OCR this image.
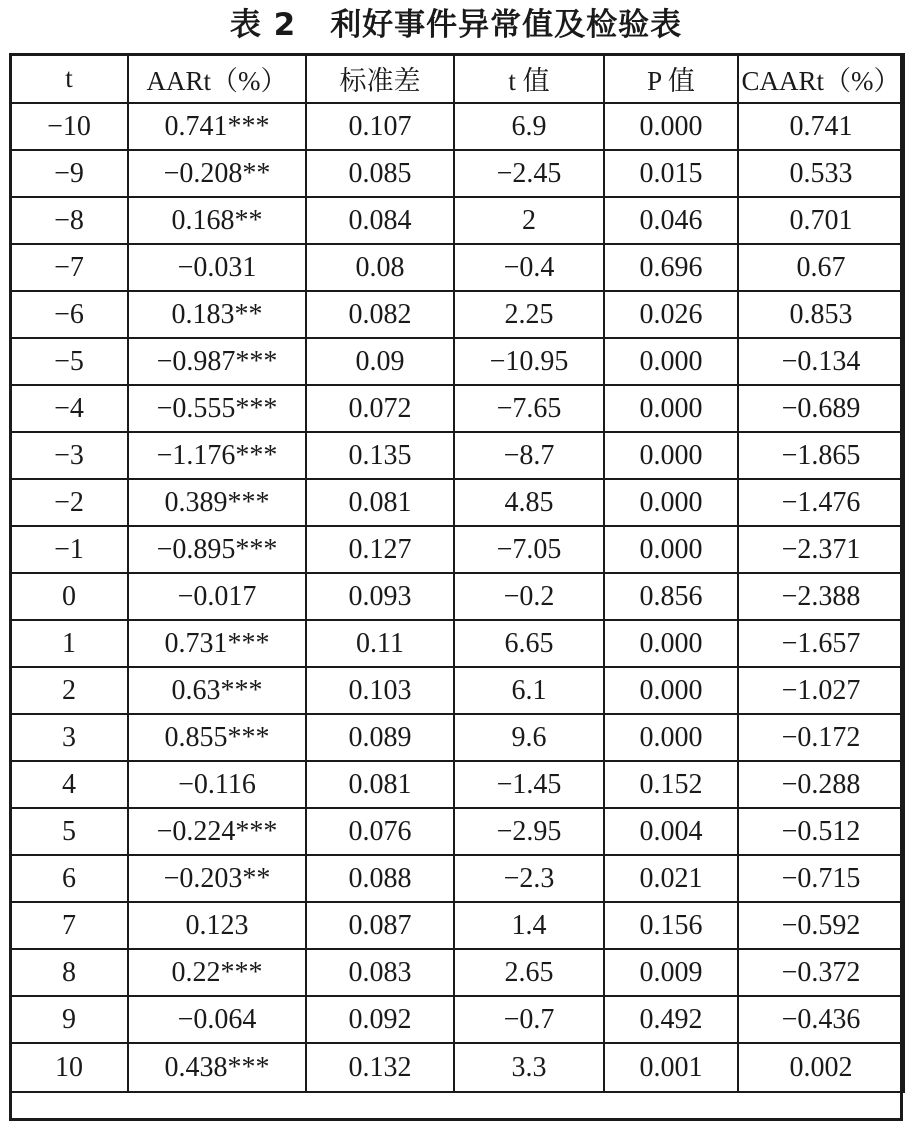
表 2 利好事件异常值及检验表
t	AARt（%）	标准差	t 值	P 值	CAARt（%）
−10	0.741***	0.107	6.9	0.000	0.741
−9	−0.208**	0.085	−2.45	0.015	0.533
−8	0.168**	0.084	2	0.046	0.701
−7	−0.031	0.08	−0.4	0.696	0.67
−6	0.183**	0.082	2.25	0.026	0.853
−5	−0.987***	0.09	−10.95	0.000	−0.134
−4	−0.555***	0.072	−7.65	0.000	−0.689
−3	−1.176***	0.135	−8.7	0.000	−1.865
−2	0.389***	0.081	4.85	0.000	−1.476
−1	−0.895***	0.127	−7.05	0.000	−2.371
0	−0.017	0.093	−0.2	0.856	−2.388
1	0.731***	0.11	6.65	0.000	−1.657
2	0.63***	0.103	6.1	0.000	−1.027
3	0.855***	0.089	9.6	0.000	−0.172
4	−0.116	0.081	−1.45	0.152	−0.288
5	−0.224***	0.076	−2.95	0.004	−0.512
6	−0.203**	0.088	−2.3	0.021	−0.715
7	0.123	0.087	1.4	0.156	−0.592
8	0.22***	0.083	2.65	0.009	−0.372
9	−0.064	0.092	−0.7	0.492	−0.436
10	0.438***	0.132	3.3	0.001	0.002
